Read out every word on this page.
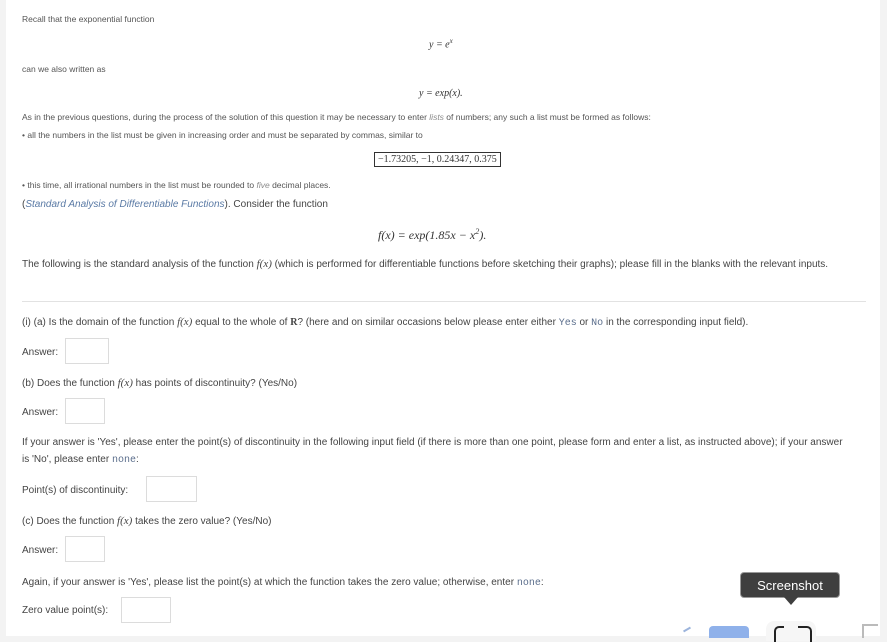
Recall that the exponential function
$y = e^x$
can we also written as
y = exp(x).
As in the previous questions, during the process of the solution of this question it may be necessary to enter lists of numbers; any such a list must be formed as follows:
• all the numbers in the list must be given in increasing order and must be separated by commas, similar to
−1.73205, −1, 0.24347, 0.375
• this time, all irrational numbers in the list must be rounded to five decimal places.
(Standard Analysis of Differentiable Functions). Consider the function
$f(x) = \exp(1.85x - x^2)$.
The following is the standard analysis of the function f(x) (which is performed for differentiable functions before sketching their graphs); please fill in the blanks with the relevant inputs.
(i) (a) Is the domain of the function f(x) equal to the whole of R? (here and on similar occasions below please enter either Yes or No in the corresponding input field).
Answer:
(b) Does the function f(x) has points of discontinuity? (Yes/No)
Answer:
If your answer is 'Yes', please enter the point(s) of discontinuity in the following input field (if there is more than one point, please form and enter a list, as instructed above); if your answer is 'No', please enter none:
Point(s) of discontinuity:
(c) Does the function f(x) takes the zero value? (Yes/No)
Answer:
Again, if your answer is 'Yes', please list the point(s) at which the function takes the zero value; otherwise, enter none:
Zero value point(s):
Screenshot
